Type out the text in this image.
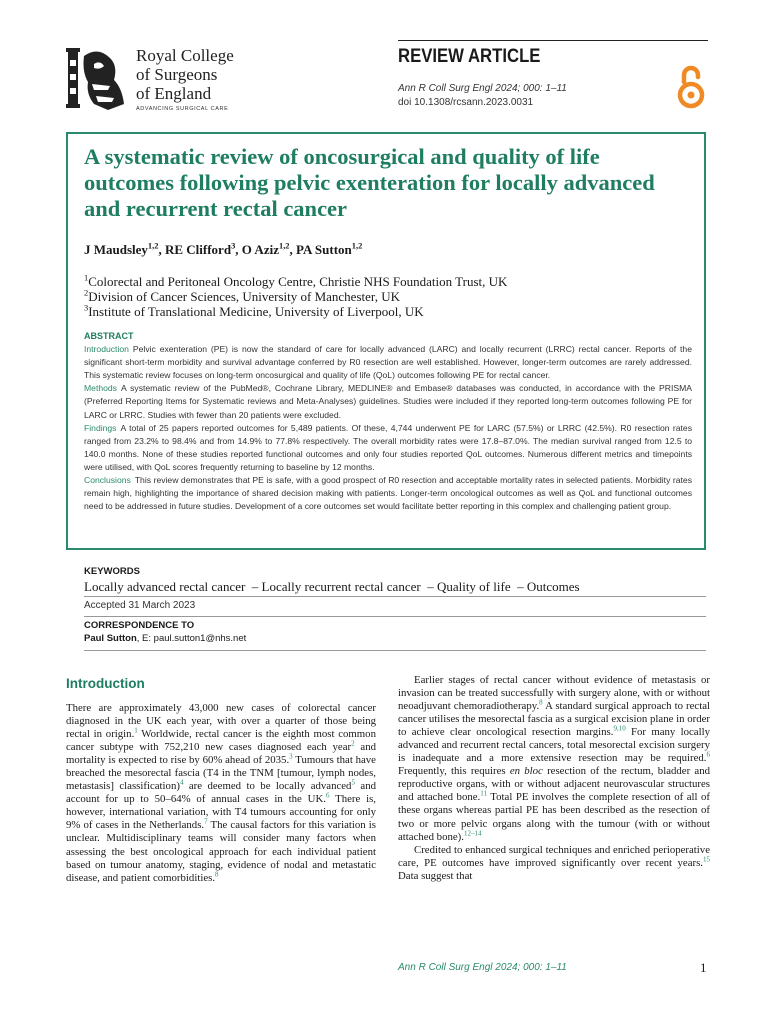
Royal College
of Surgeons
of England
ADVANCING SURGICAL CARE
REVIEW ARTICLE
Ann R Coll Surg Engl 2024; 000: 1–11
doi 10.1308/rcsann.2023.0031
A systematic review of oncosurgical and quality of life outcomes following pelvic exenteration for locally advanced and recurrent rectal cancer
J Maudsley$^{1,2}$, RE Clifford$^3$, O Aziz$^{1,2}$, PA Sutton$^{1,2}$
$^1$Colorectal and Peritoneal Oncology Centre, Christie NHS Foundation Trust, UK
$^2$Division of Cancer Sciences, University of Manchester, UK
$^3$Institute of Translational Medicine, University of Liverpool, UK
ABSTRACT
Introduction Pelvic exenteration (PE) is now the standard of care for locally advanced (LARC) and locally recurrent (LRRC) rectal cancer. Reports of the significant short-term morbidity and survival advantage conferred by R0 resection are well established. However, longer-term outcomes are rarely addressed. This systematic review focuses on long-term oncosurgical and quality of life (QoL) outcomes following PE for rectal cancer.
Methods A systematic review of the PubMed®, Cochrane Library, MEDLINE® and Embase® databases was conducted, in accordance with the PRISMA (Preferred Reporting Items for Systematic reviews and Meta-Analyses) guidelines. Studies were included if they reported long-term outcomes following PE for LARC or LRRC. Studies with fewer than 20 patients were excluded.
Findings A total of 25 papers reported outcomes for 5,489 patients. Of these, 4,744 underwent PE for LARC (57.5%) or LRRC (42.5%). R0 resection rates ranged from 23.2% to 98.4% and from 14.9% to 77.8% respectively. The overall morbidity rates were 17.8–87.0%. The median survival ranged from 12.5 to 140.0 months. None of these studies reported functional outcomes and only four studies reported QoL outcomes. Numerous different metrics and timepoints were utilised, with QoL scores frequently returning to baseline by 12 months.
Conclusions This review demonstrates that PE is safe, with a good prospect of R0 resection and acceptable mortality rates in selected patients. Morbidity rates remain high, highlighting the importance of shared decision making with patients. Longer-term oncological outcomes as well as QoL and functional outcomes need to be addressed in future studies. Development of a core outcomes set would facilitate better reporting in this complex and challenging patient group.
KEYWORDS
Locally advanced rectal cancer  – Locally recurrent rectal cancer  – Quality of life  – Outcomes
Accepted 31 March 2023
CORRESPONDENCE TO
Paul Sutton, E: paul.sutton1@nhs.net
Introduction

There are approximately 43,000 new cases of colorectal cancer diagnosed in the UK each year, with over a quarter of those being rectal in origin.$^1$ Worldwide, rectal cancer is the eighth most common cancer subtype with 752,210 new cases diagnosed each year$^2$ and mortality is expected to rise by 60% ahead of 2035.$^3$ Tumours that have breached the mesorectal fascia (T4 in the TNM [tumour, lymph nodes, metastasis] classification)$^4$ are deemed to be locally advanced$^5$ and account for up to 50–64% of annual cases in the UK.$^6$ There is, however, international variation, with T4 tumours accounting for only 9% of cases in the Netherlands.$^7$ The causal factors for this variation is unclear. Multidisciplinary teams will consider many factors when assessing the best oncological approach for each individual patient based on tumour anatomy, staging, evidence of nodal and metastatic disease, and patient comorbidities.$^8$

Earlier stages of rectal cancer without evidence of metastasis or invasion can be treated successfully with surgery alone, with or without neoadjuvant chemoradiotherapy.$^8$ A standard surgical approach to rectal cancer utilises the mesorectal fascia as a surgical excision plane in order to achieve clear oncological resection margins.$^{9,10}$ For many locally advanced and recurrent rectal cancers, total mesorectal excision surgery is inadequate and a more extensive resection may be required.$^6$ Frequently, this requires en bloc resection of the rectum, bladder and reproductive organs, with or without adjacent neurovascular structures and attached bone.$^{11}$ Total PE involves the complete resection of all of these organs whereas partial PE has been described as the resection of two or more pelvic organs along with the tumour (with or without attached bone).$^{12-14}$

Credited to enhanced surgical techniques and enriched perioperative care, PE outcomes have improved significantly over recent years.$^{15}$ Data suggest that

Ann R Coll Surg Engl 2024; 000: 1–11	1
